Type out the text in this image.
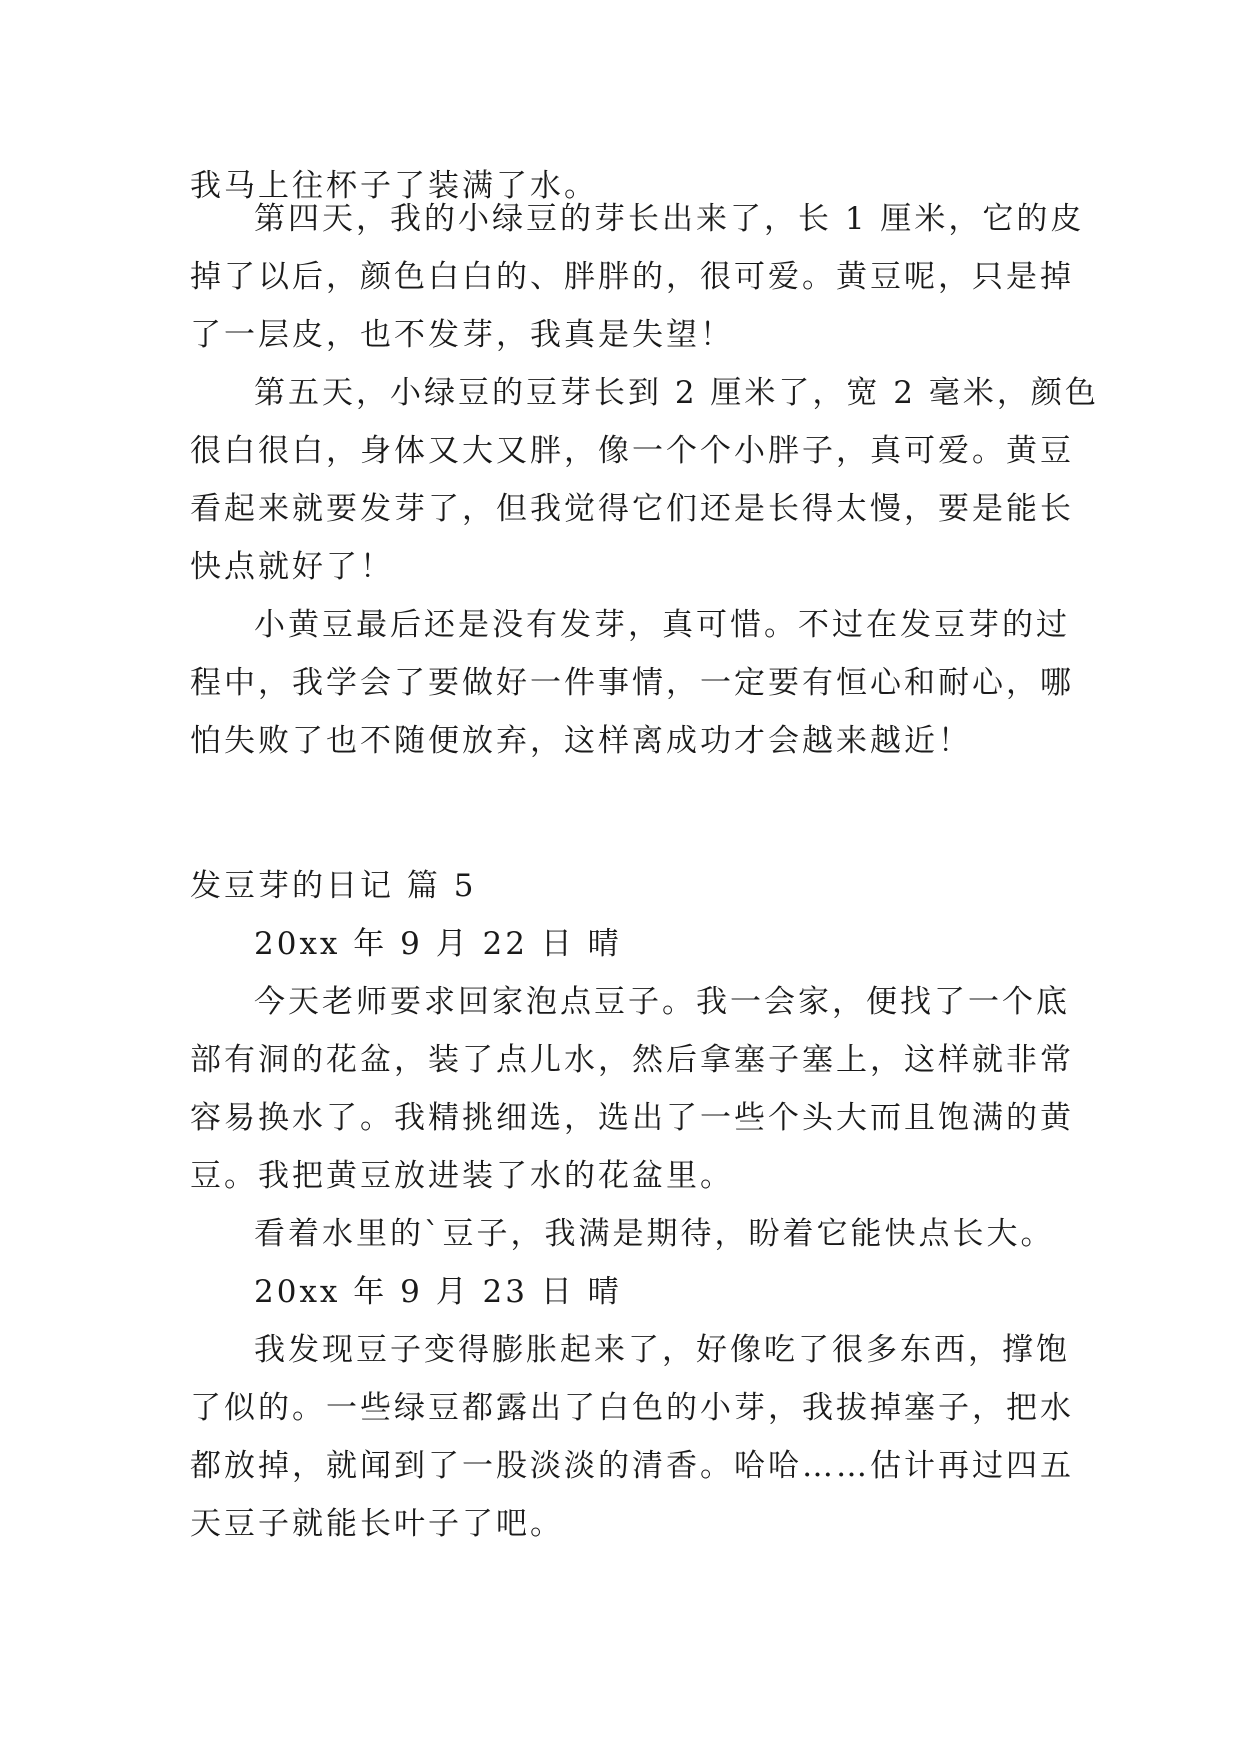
我马上往杯子了装满了水。
第四天，我的小绿豆的芽长出来了，长 1 厘米，它的皮
掉了以后，颜色白白的、胖胖的，很可爱。黄豆呢，只是掉
了一层皮，也不发芽，我真是失望！
第五天，小绿豆的豆芽长到 2 厘米了，宽 2 毫米，颜色
很白很白，身体又大又胖，像一个个小胖子，真可爱。黄豆
看起来就要发芽了，但我觉得它们还是长得太慢，要是能长
快点就好了！
小黄豆最后还是没有发芽，真可惜。不过在发豆芽的过
程中，我学会了要做好一件事情，一定要有恒心和耐心，哪
怕失败了也不随便放弃，这样离成功才会越来越近！
发豆芽的日记 篇 5
20xx 年 9 月 22 日 晴
今天老师要求回家泡点豆子。我一会家，便找了一个底
部有洞的花盆，装了点儿水，然后拿塞子塞上，这样就非常
容易换水了。我精挑细选，选出了一些个头大而且饱满的黄
豆。我把黄豆放进装了水的花盆里。
看着水里的`豆子，我满是期待，盼着它能快点长大。
20xx 年 9 月 23 日 晴
我发现豆子变得膨胀起来了，好像吃了很多东西，撑饱
了似的。一些绿豆都露出了白色的小芽，我拔掉塞子，把水
都放掉，就闻到了一股淡淡的清香。哈哈……估计再过四五
天豆子就能长叶子了吧。
